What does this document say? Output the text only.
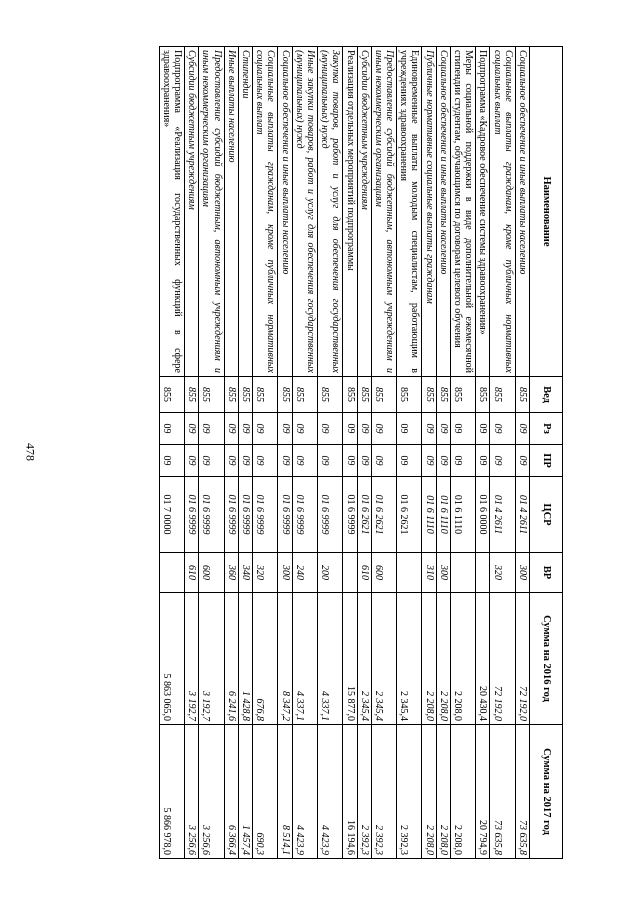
478
Наименование	Вед	Рз	ПР	ЦСР	ВР	Сумма на 2016 год	Сумма на 2017 год
Социальное обеспечение и иные выплаты населению	855	09	09	01 4 2611	300	72 192,0	73 635,8
Социальные выплаты гражданам, кроме публичных нормативных социальных выплат	855	09	09	01 4 2611	320	72 192,0	73 635,8
Подпрограмма «Кадровое обеспечение системы здравоохранения»	855	09	09	01 6 0000		20 430,4	20 794,9
Меры социальной поддержки в виде дополнительной ежемесячной стипендии студентам, обучающимся по договорам целевого обучения	855	09	09	01 6 1110		2 208,0	2 208,0
Социальное обеспечение и иные выплаты населению	855	09	09	01 6 1110	300	2 208,0	2 208,0
Публичные нормативные социальные выплаты гражданам	855	09	09	01 6 1110	310	2 208,0	2 208,0
Единовременные выплаты молодым специалистам, работающим в учреждениях здравоохранения	855	09	09	01 6 2621		2 345,4	2 392,3
Предоставление субсидий бюджетным, автономным учреждениям и иным некоммерческим организациям	855	09	09	01 6 2621	600	2 345,4	2 392,3
Субсидии бюджетным учреждениям	855	09	09	01 6 2621	610	2 345,4	2 392,3
Реализация отдельных мероприятий подпрограммы	855	09	09	01 6 9999		15 877,0	16 194,6
Закупка товаров, работ и услуг для обеспечения государственных (муниципальных) нужд	855	09	09	01 6 9999	200	4 337,1	4 423,9
Иные закупки товаров, работ и услуг для обеспечения государственных (муниципальных) нужд	855	09	09	01 6 9999	240	4 337,1	4 423,9
Социальное обеспечение и иные выплаты населению	855	09	09	01 6 9999	300	8 347,2	8 514,1
Социальные выплаты гражданам, кроме публичных нормативных социальных выплат	855	09	09	01 6 9999	320	676,8	690,3
Стипендии	855	09	09	01 6 9999	340	1 428,8	1 457,4
Иные выплаты населению	855	09	09	01 6 9999	360	6 241,6	6 366,4
Предоставление субсидий бюджетным, автономным учреждениям и иным некоммерческим организациям	855	09	09	01 6 9999	600	3 192,7	3 256,6
Субсидии бюджетным учреждениям	855	09	09	01 6 9999	610	3 192,7	3 256,6
Подпрограмма «Реализация государственных функций в сфере здравоохранения»	855	09	09	01 7 0000		5 863 065,0	5 866 978,0
